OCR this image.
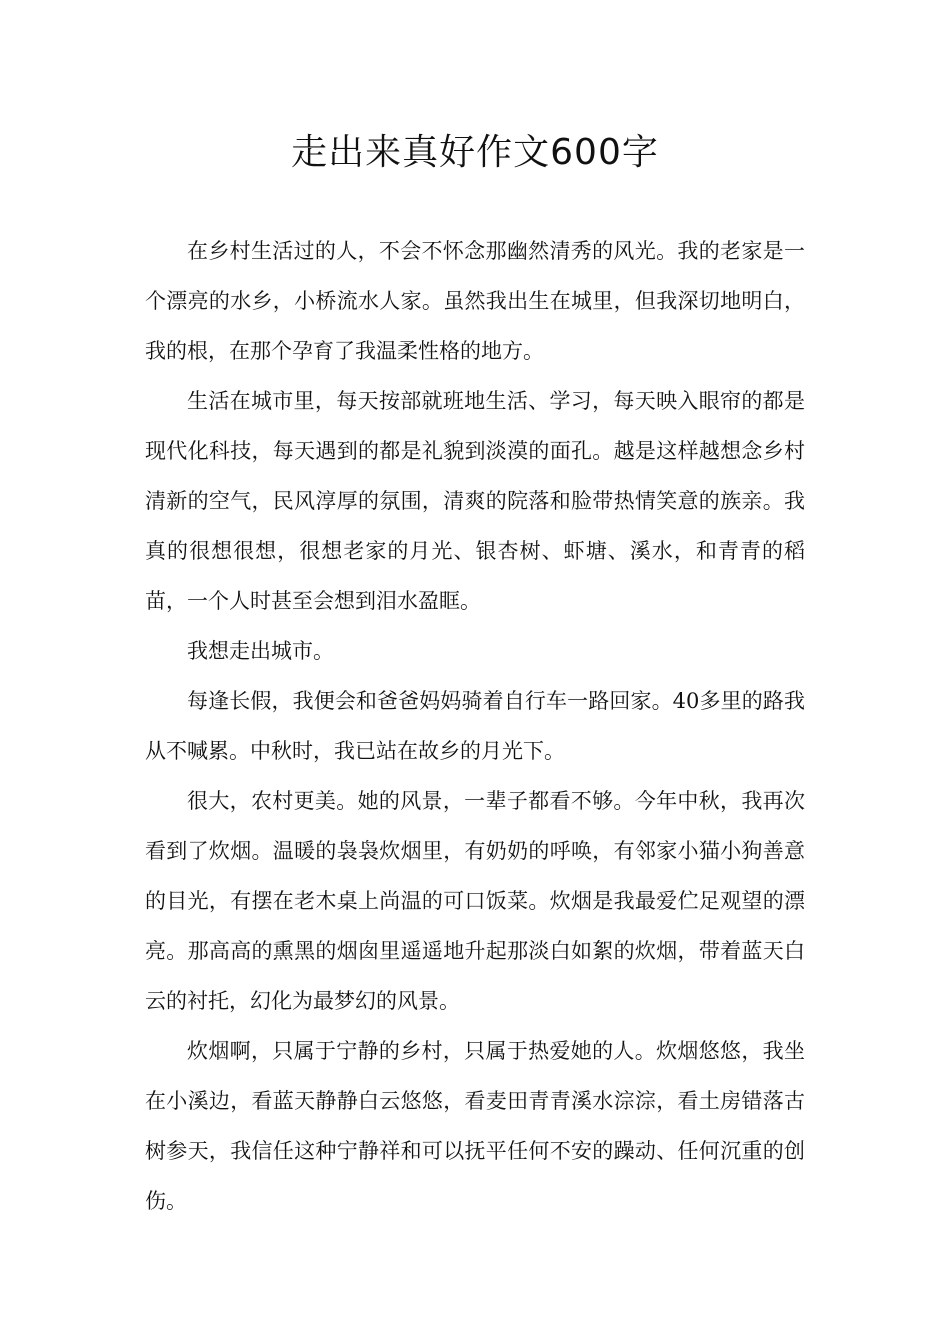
走出来真好作文600字

在乡村生活过的人，不会不怀念那幽然清秀的风光。我的老家是一个漂亮的水乡，小桥流水人家。虽然我出生在城里，但我深切地明白，我的根，在那个孕育了我温柔性格的地方。

生活在城市里，每天按部就班地生活、学习，每天映入眼帘的都是现代化科技，每天遇到的都是礼貌到淡漠的面孔。越是这样越想念乡村清新的空气，民风淳厚的氛围，清爽的院落和脸带热情笑意的族亲。我真的很想很想，很想老家的月光、银杏树、虾塘、溪水，和青青的稻苗，一个人时甚至会想到泪水盈眶。

我想走出城市。

每逢长假，我便会和爸爸妈妈骑着自行车一路回家。40多里的路我从不喊累。中秋时，我已站在故乡的月光下。

很大，农村更美。她的风景，一辈子都看不够。今年中秋，我再次看到了炊烟。温暖的袅袅炊烟里，有奶奶的呼唤，有邻家小猫小狗善意的目光，有摆在老木桌上尚温的可口饭菜。炊烟是我最爱伫足观望的漂亮。那高高的熏黑的烟囱里遥遥地升起那淡白如絮的炊烟，带着蓝天白云的衬托，幻化为最梦幻的风景。

炊烟啊，只属于宁静的乡村，只属于热爱她的人。炊烟悠悠，我坐在小溪边，看蓝天静静白云悠悠，看麦田青青溪水淙淙，看土房错落古树参天，我信任这种宁静祥和可以抚平任何不安的躁动、任何沉重的创伤。
